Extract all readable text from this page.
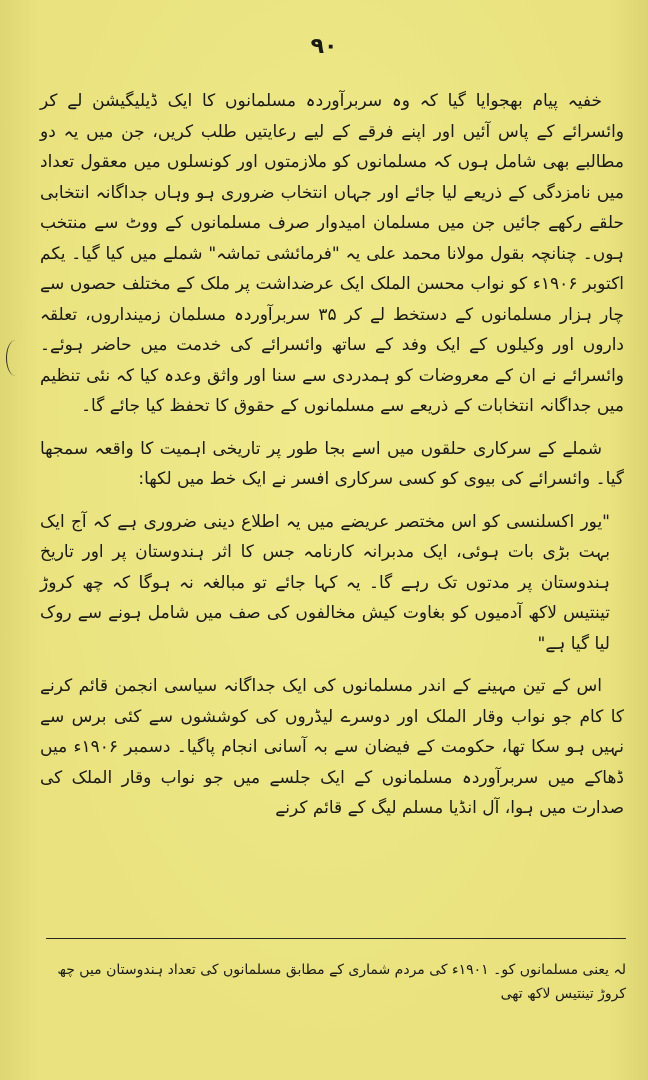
۹۰

خفیہ پیام بھجوایا گیا کہ وہ سربرآوردہ مسلمانوں کا ایک ڈیلیگیشن لے کر وائسرائے کے پاس آئیں اور اپنے فرقے کے لیے رعایتیں طلب کریں، جن میں یہ دو مطالبے بھی شامل ہوں کہ مسلمانوں کو ملازمتوں اور کونسلوں میں معقول تعداد میں نامزدگی کے ذریعے لیا جائے اور جہاں انتخاب ضروری ہو وہاں جداگانہ انتخابی حلقے رکھے جائیں جن میں مسلمان امیدوار صرف مسلمانوں کے ووٹ سے منتخب ہوں۔ چنانچہ بقول مولانا محمد علی یہ "فرمائشی تماشہ" شملے میں کیا گیا۔ یکم اکتوبر ۱۹۰۶ء کو نواب محسن الملک ایک عرضداشت پر ملک کے مختلف حصوں سے چار ہزار مسلمانوں کے دستخط لے کر ۳۵ سربرآوردہ مسلمان زمینداروں، تعلقہ داروں اور وکیلوں کے ایک وفد کے ساتھ وائسرائے کی خدمت میں حاضر ہوئے۔ وائسرائے نے ان کے معروضات کو ہمدردی سے سنا اور واثق وعدہ کیا کہ نئی تنظیم میں جداگانہ انتخابات کے ذریعے سے مسلمانوں کے حقوق کا تحفظ کیا جائے گا۔

شملے کے سرکاری حلقوں میں اسے بجا طور پر تاریخی اہمیت کا واقعہ سمجھا گیا۔ وائسرائے کی بیوی کو کسی سرکاری افسر نے ایک خط میں لکھا:

"یور اکسلنسی کو اس مختصر عریضے میں یہ اطلاع دینی ضروری ہے کہ آج ایک بہت بڑی بات ہوئی، ایک مدبرانہ کارنامہ جس کا اثر ہندوستان پر اور تاریخ ہندوستان پر مدتوں تک رہے گا۔ یہ کہا جائے تو مبالغہ نہ ہوگا کہ چھ کروڑ تینتیس لاکھ آدمیوں کو بغاوت کیش مخالفوں کی صف میں شامل ہونے سے روک لیا گیا ہے"

اس کے تین مہینے کے اندر مسلمانوں کی ایک جداگانہ سیاسی انجمن قائم کرنے کا کام جو نواب وقار الملک اور دوسرے لیڈروں کی کوششوں سے کئی برس سے نہیں ہو سکا تھا، حکومت کے فیضان سے بہ آسانی انجام پاگیا۔ دسمبر ۱۹۰۶ء میں ڈھاکے میں سربرآوردہ مسلمانوں کے ایک جلسے میں جو نواب وقار الملک کی صدارت میں ہوا، آل انڈیا مسلم لیگ کے قائم کرنے

لہ یعنی مسلمانوں کو۔ ۱۹۰۱ء کی مردم شماری کے مطابق مسلمانوں کی تعداد ہندوستان میں چھ کروڑ تینتیس لاکھ تھی
